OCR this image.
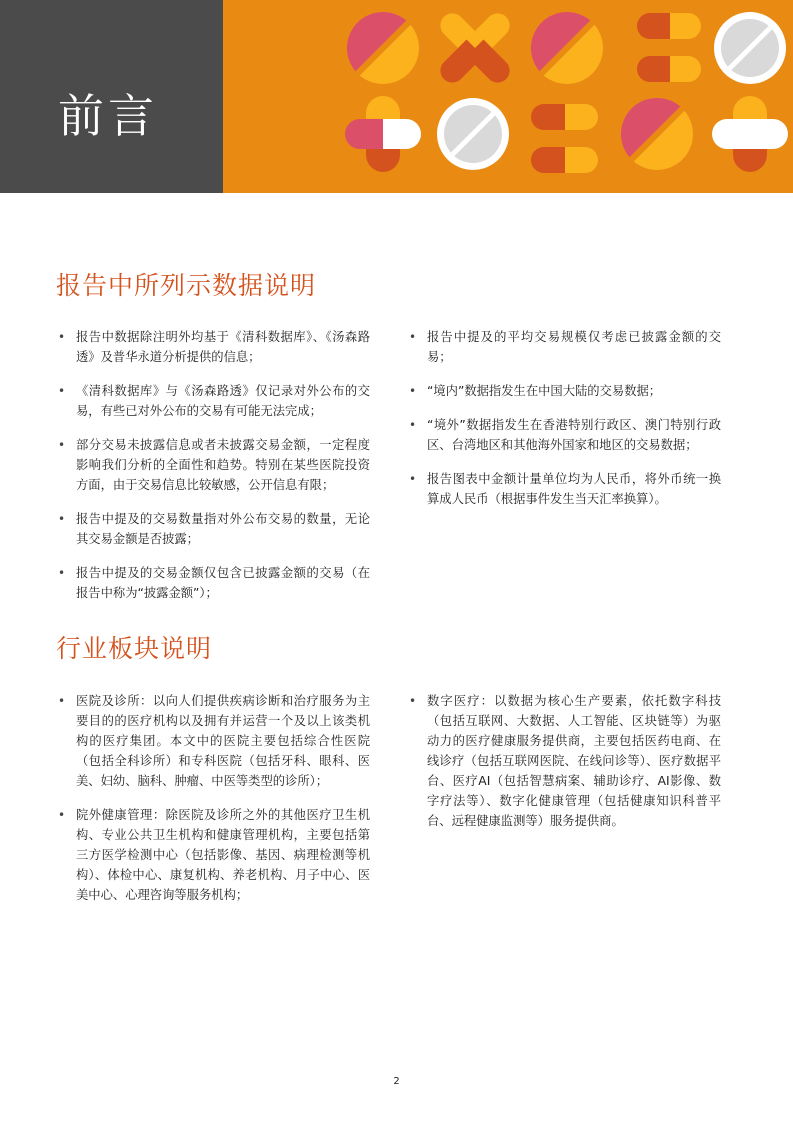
前言
报告中所列示数据说明
• 报告中数据除注明外均基于《清科数据库》、《汤森路透》及普华永道分析提供的信息；
• 《清科数据库》与《汤森路透》仅记录对外公布的交易，有些已对外公布的交易有可能无法完成；
• 部分交易未披露信息或者未披露交易金额，一定程度影响我们分析的全面性和趋势。特别在某些医院投资方面，由于交易信息比较敏感，公开信息有限；
• 报告中提及的交易数量指对外公布交易的数量，无论其交易金额是否披露；
• 报告中提及的交易金额仅包含已披露金额的交易（在报告中称为“披露金额”）；
• 报告中提及的平均交易规模仅考虑已披露金额的交易；
• “境内”数据指发生在中国大陆的交易数据；
• “境外”数据指发生在香港特别行政区、澳门特别行政区、台湾地区和其他海外国家和地区的交易数据；
• 报告图表中金额计量单位均为人民币，将外币统一换算成人民币（根据事件发生当天汇率换算）。
行业板块说明
• 医院及诊所：以向人们提供疾病诊断和治疗服务为主要目的的医疗机构以及拥有并运营一个及以上该类机构的医疗集团。本文中的医院主要包括综合性医院（包括全科诊所）和专科医院（包括牙科、眼科、医美、妇幼、脑科、肿瘤、中医等类型的诊所）；
• 院外健康管理：除医院及诊所之外的其他医疗卫生机构、专业公共卫生机构和健康管理机构，主要包括第三方医学检测中心（包括影像、基因、病理检测等机构）、体检中心、康复机构、养老机构、月子中心、医美中心、心理咨询等服务机构；
• 数字医疗：以数据为核心生产要素，依托数字科技（包括互联网、大数据、人工智能、区块链等）为驱动力的医疗健康服务提供商，主要包括医药电商、在线诊疗（包括互联网医院、在线问诊等）、医疗数据平台、医疗AI（包括智慧病案、辅助诊疗、AI影像、数字疗法等）、数字化健康管理（包括健康知识科普平台、远程健康监测等）服务提供商。
2
